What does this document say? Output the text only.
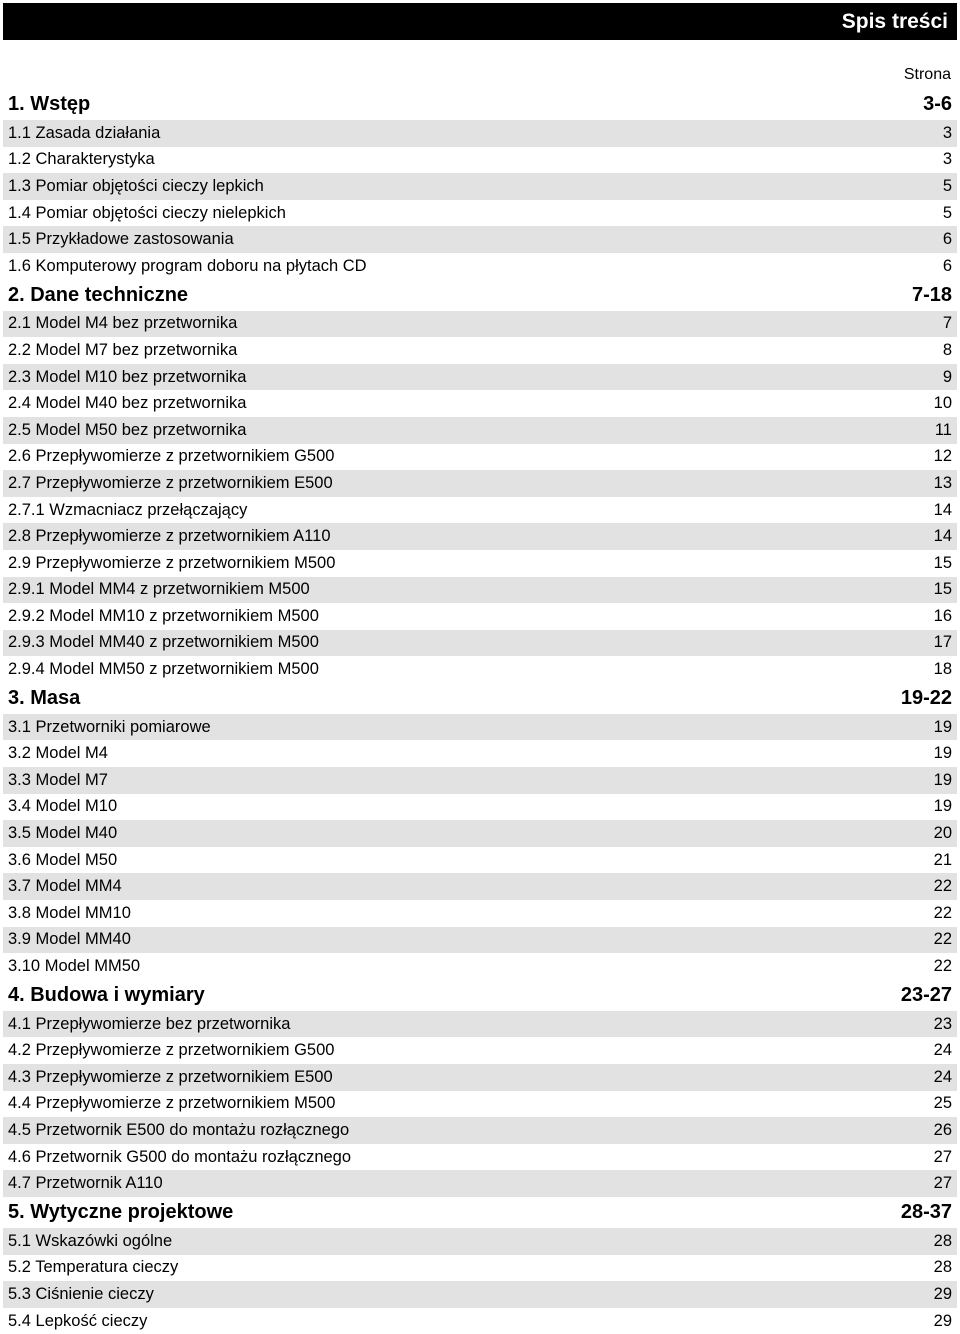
Spis treści
Strona
1. Wstęp	3-6
1.1 Zasada działania	3
1.2 Charakterystyka	3
1.3 Pomiar objętości cieczy lepkich	5
1.4 Pomiar objętości cieczy nielepkich	5
1.5 Przykładowe zastosowania	6
1.6 Komputerowy program doboru na płytach CD	6
2. Dane techniczne	7-18
2.1 Model M4 bez przetwornika	7
2.2 Model M7 bez przetwornika	8
2.3 Model M10 bez przetwornika	9
2.4 Model M40 bez przetwornika	10
2.5 Model M50 bez przetwornika	11
2.6 Przepływomierze z przetwornikiem G500	12
2.7 Przepływomierze z przetwornikiem E500	13
2.7.1 Wzmacniacz przełączający	14
2.8 Przepływomierze z przetwornikiem A110	14
2.9 Przepływomierze z przetwornikiem M500	15
2.9.1 Model MM4 z przetwornikiem M500	15
2.9.2 Model MM10 z przetwornikiem M500	16
2.9.3 Model MM40 z przetwornikiem M500	17
2.9.4 Model MM50 z przetwornikiem M500	18
3. Masa	19-22
3.1 Przetworniki pomiarowe	19
3.2 Model M4	19
3.3 Model M7	19
3.4 Model M10	19
3.5 Model M40	20
3.6 Model M50	21
3.7 Model MM4	22
3.8 Model MM10	22
3.9 Model MM40	22
3.10 Model MM50	22
4. Budowa i wymiary	23-27
4.1 Przepływomierze bez przetwornika	23
4.2 Przepływomierze z przetwornikiem G500	24
4.3 Przepływomierze z przetwornikiem E500	24
4.4 Przepływomierze z przetwornikiem M500	25
4.5 Przetwornik E500 do montażu rozłącznego	26
4.6 Przetwornik G500 do montażu rozłącznego	27
4.7 Przetwornik A110	27
5. Wytyczne projektowe	28-37
5.1 Wskazówki ogólne	28
5.2 Temperatura cieczy	28
5.3 Ciśnienie cieczy	29
5.4 Lepkość cieczy	29
